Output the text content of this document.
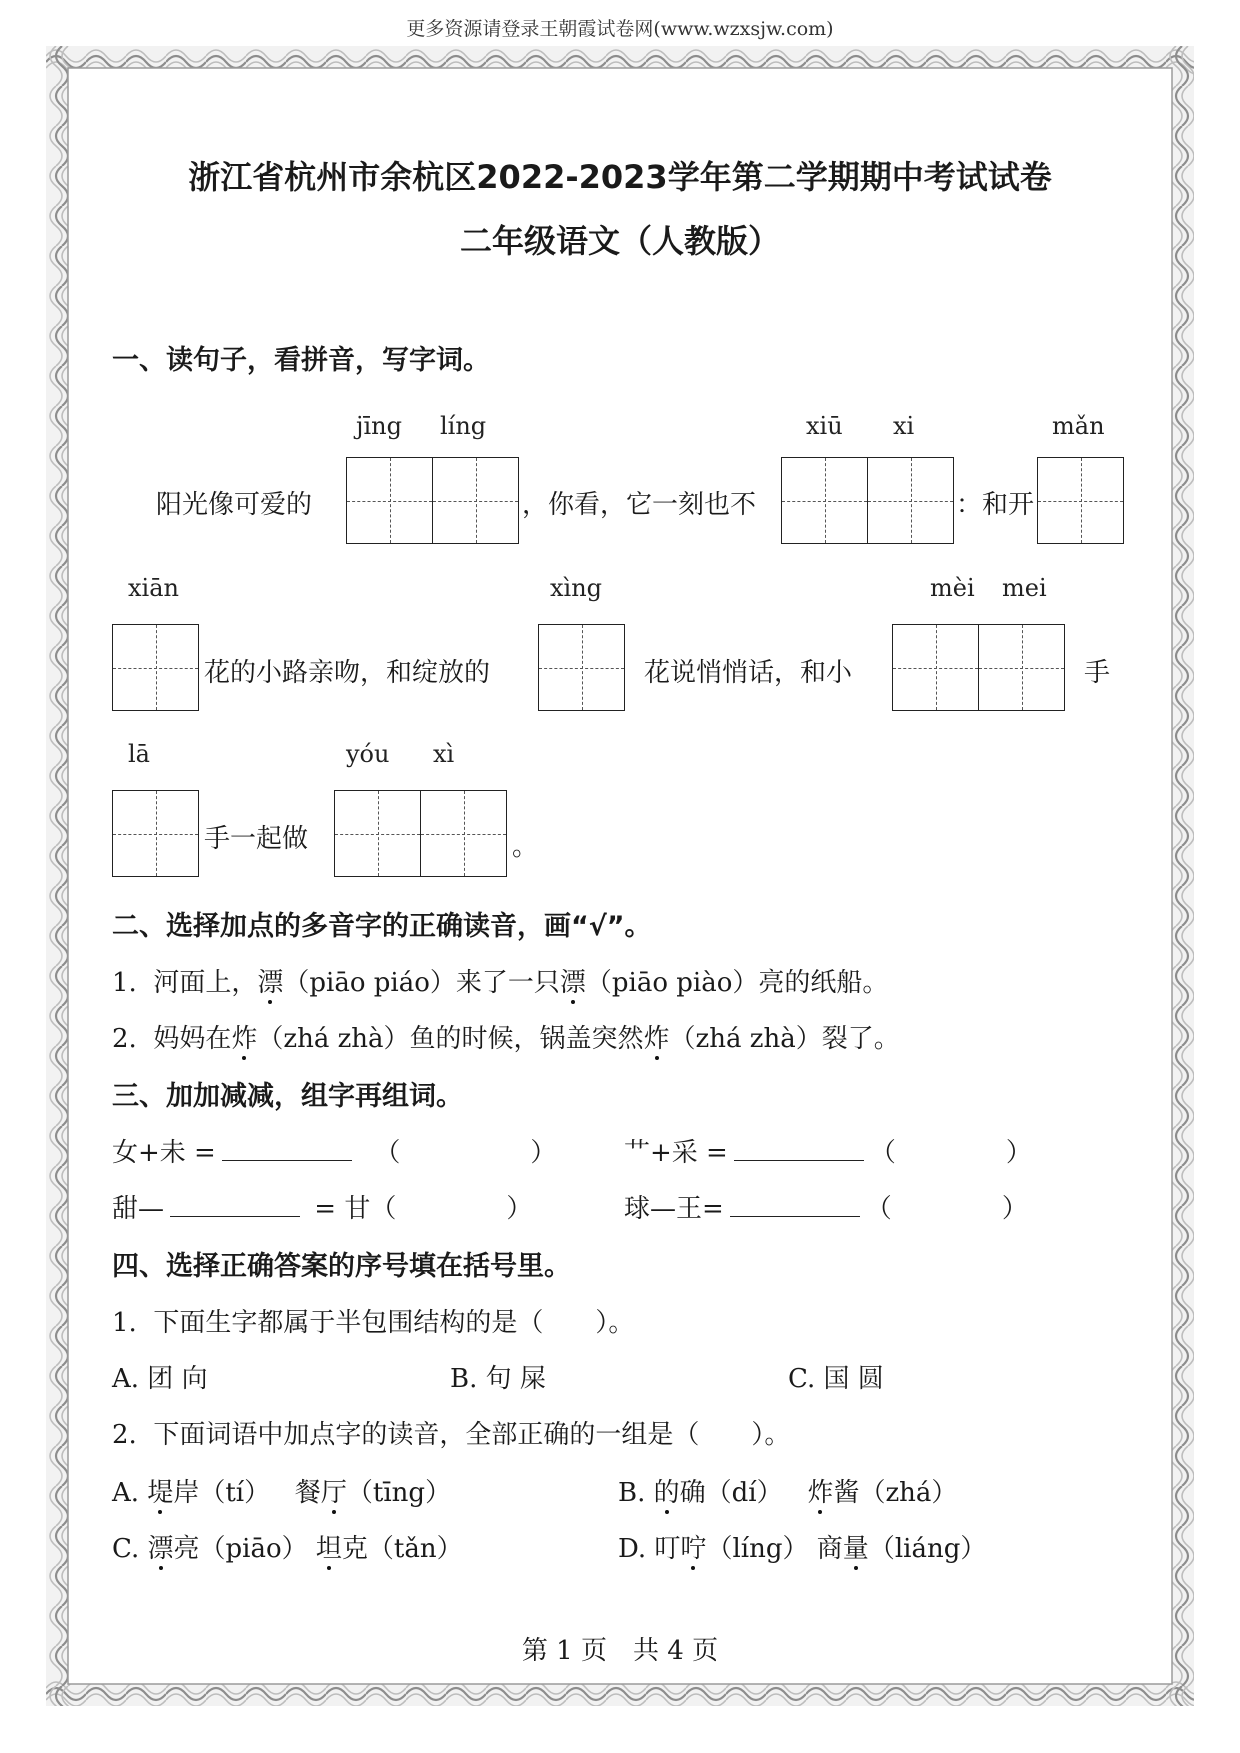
更多资源请登录王朝霞试卷网(www.wzxsjw.com)
浙江省杭州市余杭区2022-2023学年第二学期期中考试试卷
二年级语文（人教版）
一、读句子，看拼音，写字词。
jīng líng	xiū xi	mǎn
阳光像可爱的	，你看，它一刻也不	：和开
xiān	xìng	mèi mei
花的小路亲吻，和绽放的	花说悄悄话，和小	手
lā	yóu xì
手一起做	。
二、选择加点的多音字的正确读音，画“√”。
1. 河面上，漂（piāo piáo）来了一只漂（piāo piào）亮的纸船。
2. 妈妈在炸（zhá zhà）鱼的时候，锅盖突然炸（zhá zhà）裂了。
三、加加减减，组字再组词。
女+未 =	（	）	艹+采 =	（	）
甜—	= 甘（	）	球—王=	（	）
四、选择正确答案的序号填在括号里。
1. 下面生字都属于半包围结构的是（　　）。
A. 团 向	B. 句 屎	C. 国 圆
2. 下面词语中加点字的读音，全部正确的一组是（　　）。
A. 堤岸（tí） 餐厅（tīng）	B. 的确（dí） 炸酱（zhá）
C. 漂亮（piāo） 坦克（tǎn）	D. 叮咛（líng） 商量（liáng）
第 1 页　共 4 页
